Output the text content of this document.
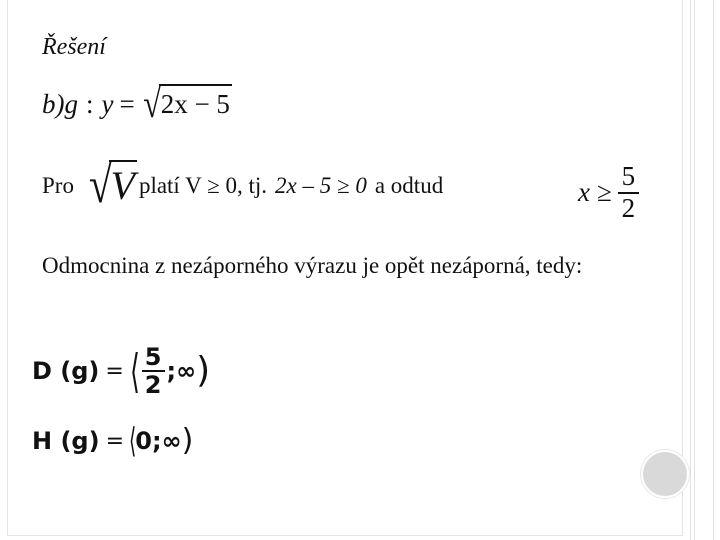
Řešení
b) g : y = √ 2x − 5
Pro √
V platí V ≥ 0, tj. 2x – 5 ≥ 0 a odtud	$x \ge \frac{5}{2}$
Odmocnina z nezáporného výrazu je opět nezáporná, tedy:
D (g) = ⟨ $\frac{5}{2}$ ;∞ )
H (g) = ⟨
0;∞ )
